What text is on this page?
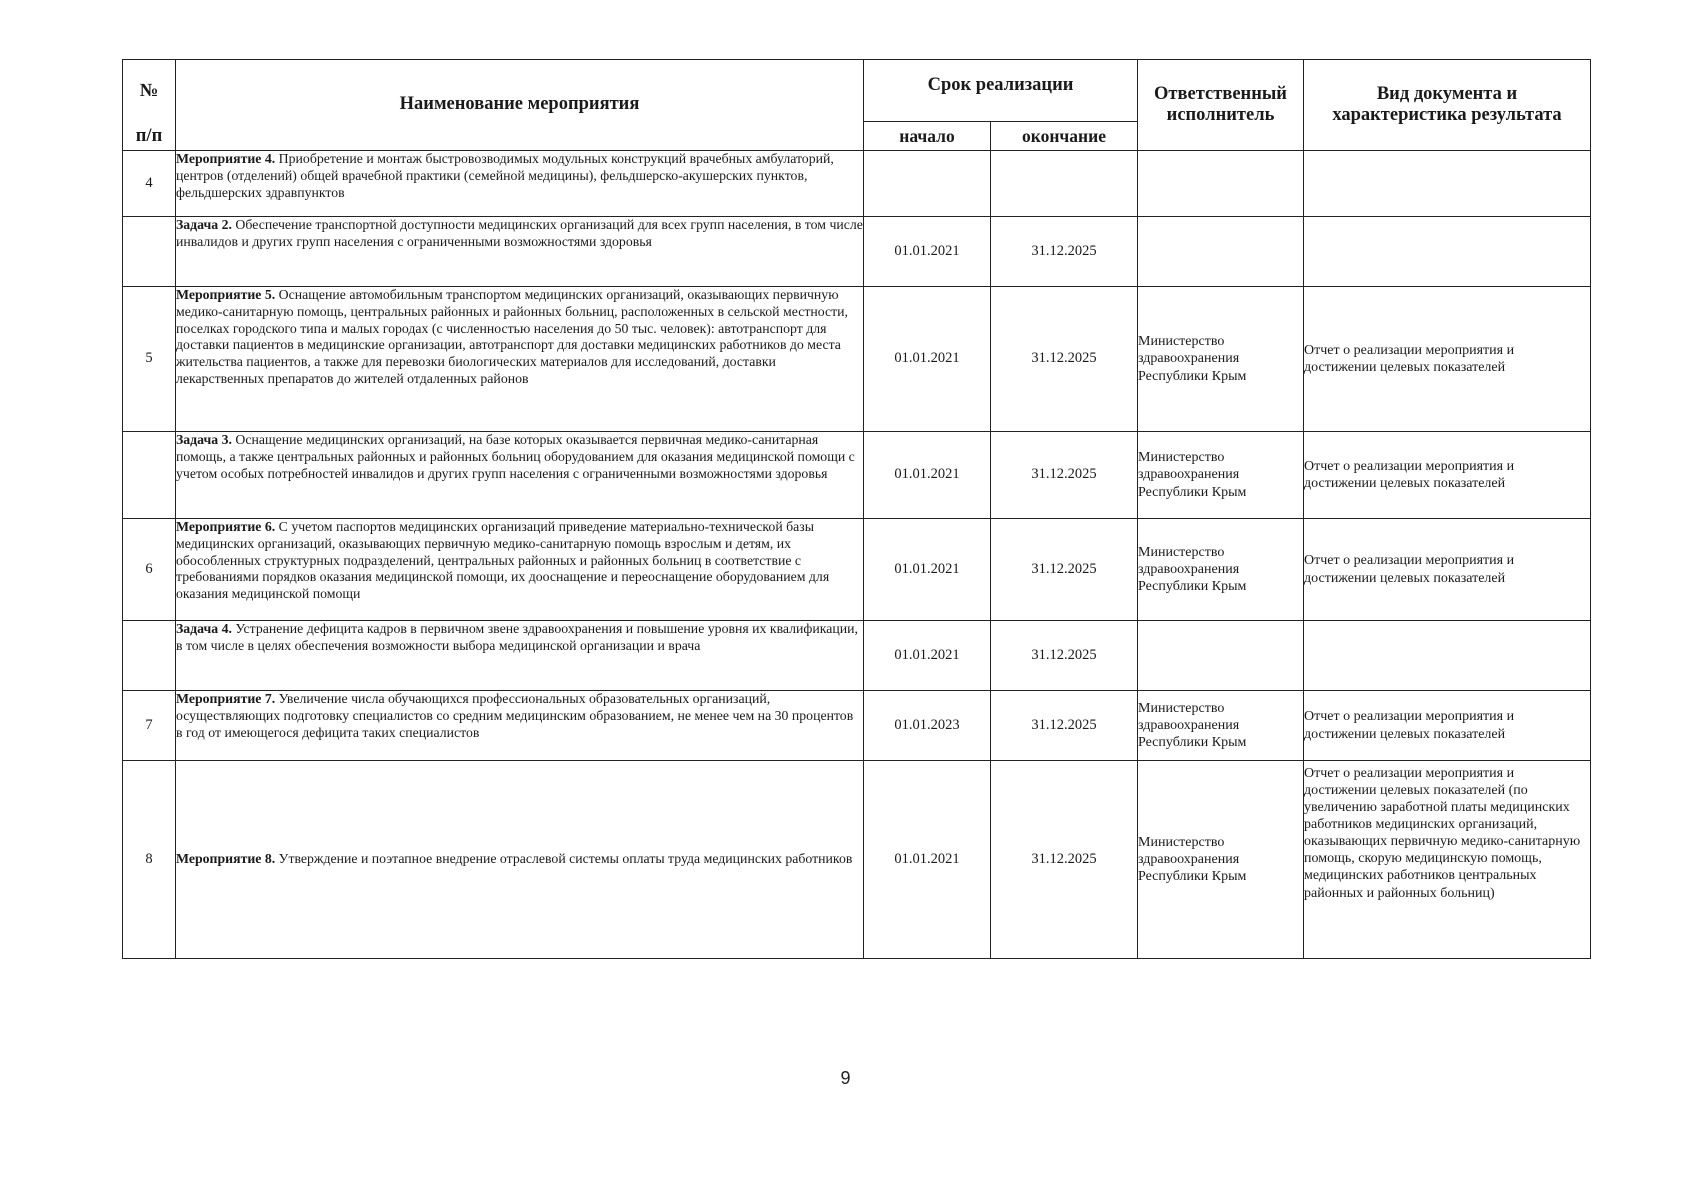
№
п/п	Наименование мероприятия	Срок реализации		Ответственный исполнитель	Вид документа и характеристика результата
		начало	окончание		
4	Мероприятие 4. Приобретение и монтаж быстровозводимых модульных конструкций врачебных амбулаторий, центров (отделений) общей врачебной практики (семейной медицины), фельдшерско-акушерских пунктов, фельдшерских здравпунктов				
	Задача 2. Обеспечение транспортной доступности медицинских организаций для всех групп населения, в том числе инвалидов и других групп населения с ограниченными возможностями здоровья	01.01.2021	31.12.2025		
5	Мероприятие 5. Оснащение автомобильным транспортом медицинских организаций, оказывающих первичную медико-санитарную помощь, центральных районных и районных больниц, расположенных в сельской местности, поселках городского типа и малых городах (с численностью населения до 50 тыс. человек): автотранспорт для доставки пациентов в медицинские организации, автотранспорт для доставки медицинских работников до места жительства пациентов, а также для перевозки биологических материалов для исследований, доставки лекарственных препаратов до жителей отдаленных районов	01.01.2021	31.12.2025	Министерство здравоохранения Республики Крым	Отчет о реализации мероприятия и достижении целевых показателей
	Задача 3. Оснащение медицинских организаций, на базе которых оказывается первичная медико-санитарная помощь, а также центральных районных и районных больниц оборудованием для оказания медицинской помощи с учетом особых потребностей инвалидов и других групп населения с ограниченными возможностями здоровья	01.01.2021	31.12.2025	Министерство здравоохранения Республики Крым	Отчет о реализации мероприятия и достижении целевых показателей
6	Мероприятие 6. С учетом паспортов медицинских организаций приведение материально-технической базы медицинских организаций, оказывающих первичную медико-санитарную помощь взрослым и детям, их обособленных структурных подразделений, центральных районных и районных больниц в соответствие с требованиями порядков оказания медицинской помощи, их дооснащение и переоснащение оборудованием для оказания медицинской помощи	01.01.2021	31.12.2025	Министерство здравоохранения Республики Крым	Отчет о реализации мероприятия и достижении целевых показателей
	Задача 4. Устранение дефицита кадров в первичном звене здравоохранения и повышение уровня их квалификации, в том числе в целях обеспечения возможности выбора медицинской организации и врача	01.01.2021	31.12.2025		
7	Мероприятие 7. Увеличение числа обучающихся профессиональных образовательных организаций, осуществляющих подготовку специалистов со средним медицинским образованием, не менее чем на 30 процентов в год от имеющегося дефицита таких специалистов	01.01.2023	31.12.2025	Министерство здравоохранения Республики Крым	Отчет о реализации мероприятия и достижении целевых показателей
8	Мероприятие 8. Утверждение и поэтапное внедрение отраслевой системы оплаты труда медицинских работников	01.01.2021	31.12.2025	Министерство здравоохранения Республики Крым	Отчет о реализации мероприятия и достижении целевых показателей (по увеличению заработной платы медицинских работников медицинских организаций, оказывающих первичную медико-санитарную помощь, скорую медицинскую помощь, медицинских работников центральных районных и районных больниц)
9
